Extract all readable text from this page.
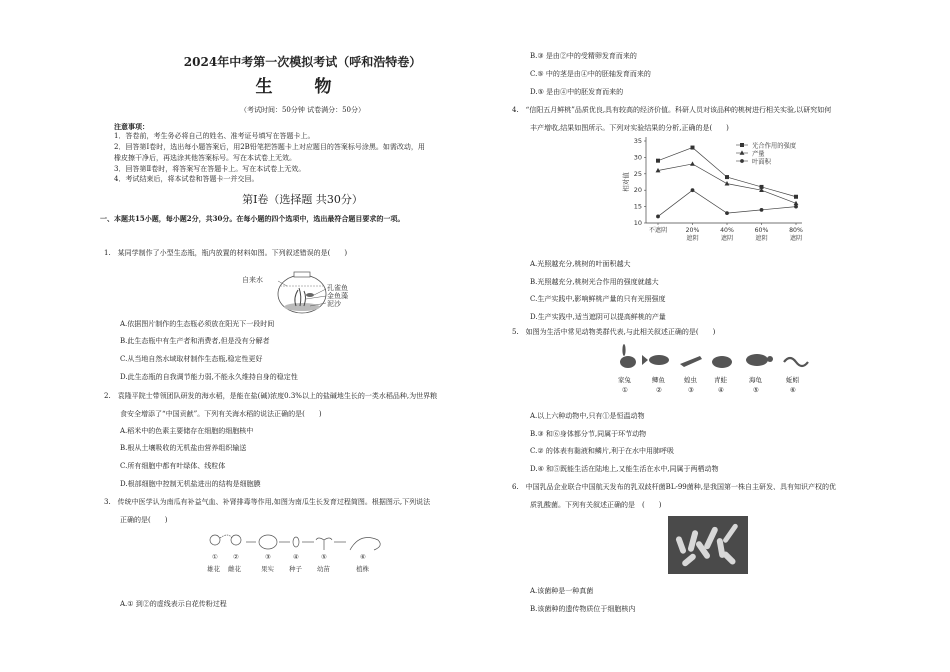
2024年中考第一次模拟考试（呼和浩特卷）
生 物
（考试时间：50分钟 试卷满分：50分）
注意事项：
1．答卷前，考生务必将自己的姓名、准考证号填写在答题卡上。
2．回答第Ⅰ卷时，选出每小题答案后，用2B铅笔把答题卡上对应题目的答案标号涂黑。如需改动，用
橡皮擦干净后，再选涂其他答案标号。写在本试卷上无效。
3．回答第Ⅱ卷时，将答案写在答题卡上。写在本试卷上无效。
4．考试结束后，将本试卷和答题卡一并交回。
第Ⅰ卷（选择题 共30分）
一、本题共15小题，每小题2分，共30分。在每小题的四个选项中，选出最符合题目要求的一项。
1.　某同学制作了小型生态瓶，瓶内放置的材料如图。下列叙述错误的是(　　)
自来水
孔雀鱼
金鱼藻
泥沙
A.依据图片制作的生态瓶必须放在阳光下一段时间
B.此生态瓶中有生产者和消费者,但是没有分解者
C.从当地自然水域取材制作生态瓶,稳定性更好
D.此生态瓶的自我调节能力弱,不能永久维持自身的稳定性
2.　袁隆平院士带领团队研发的海水稻，是能在盐(碱)浓度0.3%以上的盐碱地生长的一类水稻品种,为世界粮
食安全增添了“中国贡献”。下列有关海水稻的说法正确的是(　　)
A.稻米中的色素主要储存在细胞的细胞核中
B.根从土壤吸收的无机盐由营养组织输送
C.所有细胞中都有叶绿体、线粒体
D.根部细胞中控制无机盐进出的结构是细胞膜
3.　传统中医学认为南瓜有补益气血、补肾排毒等作用,如图为南瓜生长发育过程简图。根据图示,下列说法
正确的是(　　)
① ②	③	④	⑤	⑥
雄花 雌花	果实 种子 幼苗	植株
A.① 到②的虚线表示自花传粉过程
B.③ 是由②中的受精卵发育而来的
C.⑤ 中的茎是由④中的胚轴发育而来的
D.⑤ 是由④中的胚发育而来的
4.　“信阳五月鲜桃”品质优良,具有较高的经济价值。科研人员对该品种的桃树进行相关实验,以研究如何
丰产增收,结果如图所示。下列对实验结果的分析,正确的是(　　)
10
15
20
25
30
35
相对值
不遮阴	20%
遮阴
40%
遮阴
60%
遮阴
80%
遮阴
光合作用的强度
产量
叶面积
A.光照越充分,桃树的叶面积越大
B.光照越充分,桃树光合作用的强度就越大
C.生产实践中,影响鲜桃产量的只有光照强度
D.生产实践中,适当遮阴可以提高鲜桃的产量
5.　如图为生活中常见动物类群代表,与此相关叙述正确的是(　　)
家兔	鲫鱼	蝗虫	青蛙	海龟	蚯蚓
①	②	③	④	⑤	⑥
A.以上六种动物中,只有①是恒温动物
B.③ 和⑥身体都分节,同属于环节动物
C.② 的体表有黏液和鳞片,利于在水中用肺呼吸
D.④ 和⑤既能生活在陆地上,又能生活在水中,同属于两栖动物
6.　中国乳品企业联合中国航天发布的乳双歧杆菌BL-99菌种,是我国第一株自主研发、具有知识产权的优
质乳酸菌。下列有关叙述正确的是　(　　)
A.该菌种是一种真菌
B.该菌种的遗传物质位于细胞核内
